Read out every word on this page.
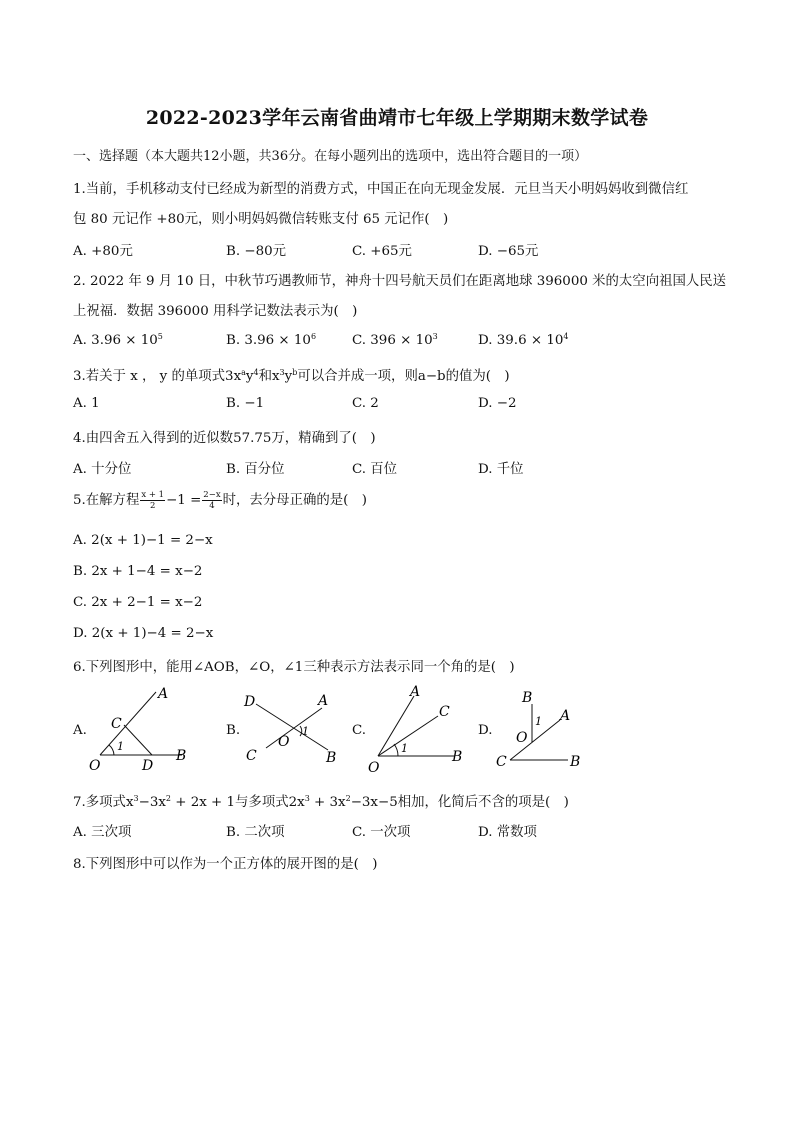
2022-2023学年云南省曲靖市七年级上学期期末数学试卷
一、选择题（本大题共12小题，共36分。在每小题列出的选项中，选出符合题目的一项）
1.当前，手机移动支付已经成为新型的消费方式，中国正在向无现金发展．元旦当天小明妈妈收到微信红
包 80 元记作 +80元，则小明妈妈微信转账支付 65 元记作(　)
A. +80元	B. −80元	C. +65元	D. −65元
2. 2022 年 9 月 10 日，中秋节巧遇教师节，神舟十四号航天员们在距离地球 396000 米的太空向祖国人民送
上祝福．数据 396000 用科学记数法表示为(　)
A. $3.96 \times 10^5$	B. $3.96 \times 10^6$	C. $396 \times 10^3$	D. $39.6 \times 10^4$
3.若关于 x ， y 的单项式$3x^ay^4$和$x^3y^b$可以合并成一项，则a−b的值为(　)
A. 1	B. −1	C. 2	D. −2
4.由四舍五入得到的近似数57.75万，精确到了(　)
A. 十分位	B. 百分位	C. 百位	D. 千位
5.在解方程 $\frac{x + 1}{2} -1 = \frac{2-x}{4}$ 时，去分母正确的是(　)
A. 2(x + 1)−1 = 2−x
B. 2x + 1−4 = x−2
C. 2x + 2−1 = x−2
D. 2(x + 1)−4 = 2−x
6.下列图形中，能用∠AOB，∠O，∠1三种表示方法表示同一个角的是(　)
A.
A
C
1
O	D
B
B.
D	A
O
1
C	B
C.
A
C
1
O
B
D.
B
1 A
O
C	B
7.多项式$x^3-3x^2 + 2x + 1$与多项式$2x^3 + 3x^2-3x-5$相加，化简后不含的项是(　)
A. 三次项	B. 二次项	C. 一次项	D. 常数项
8.下列图形中可以作为一个正方体的展开图的是(　)
